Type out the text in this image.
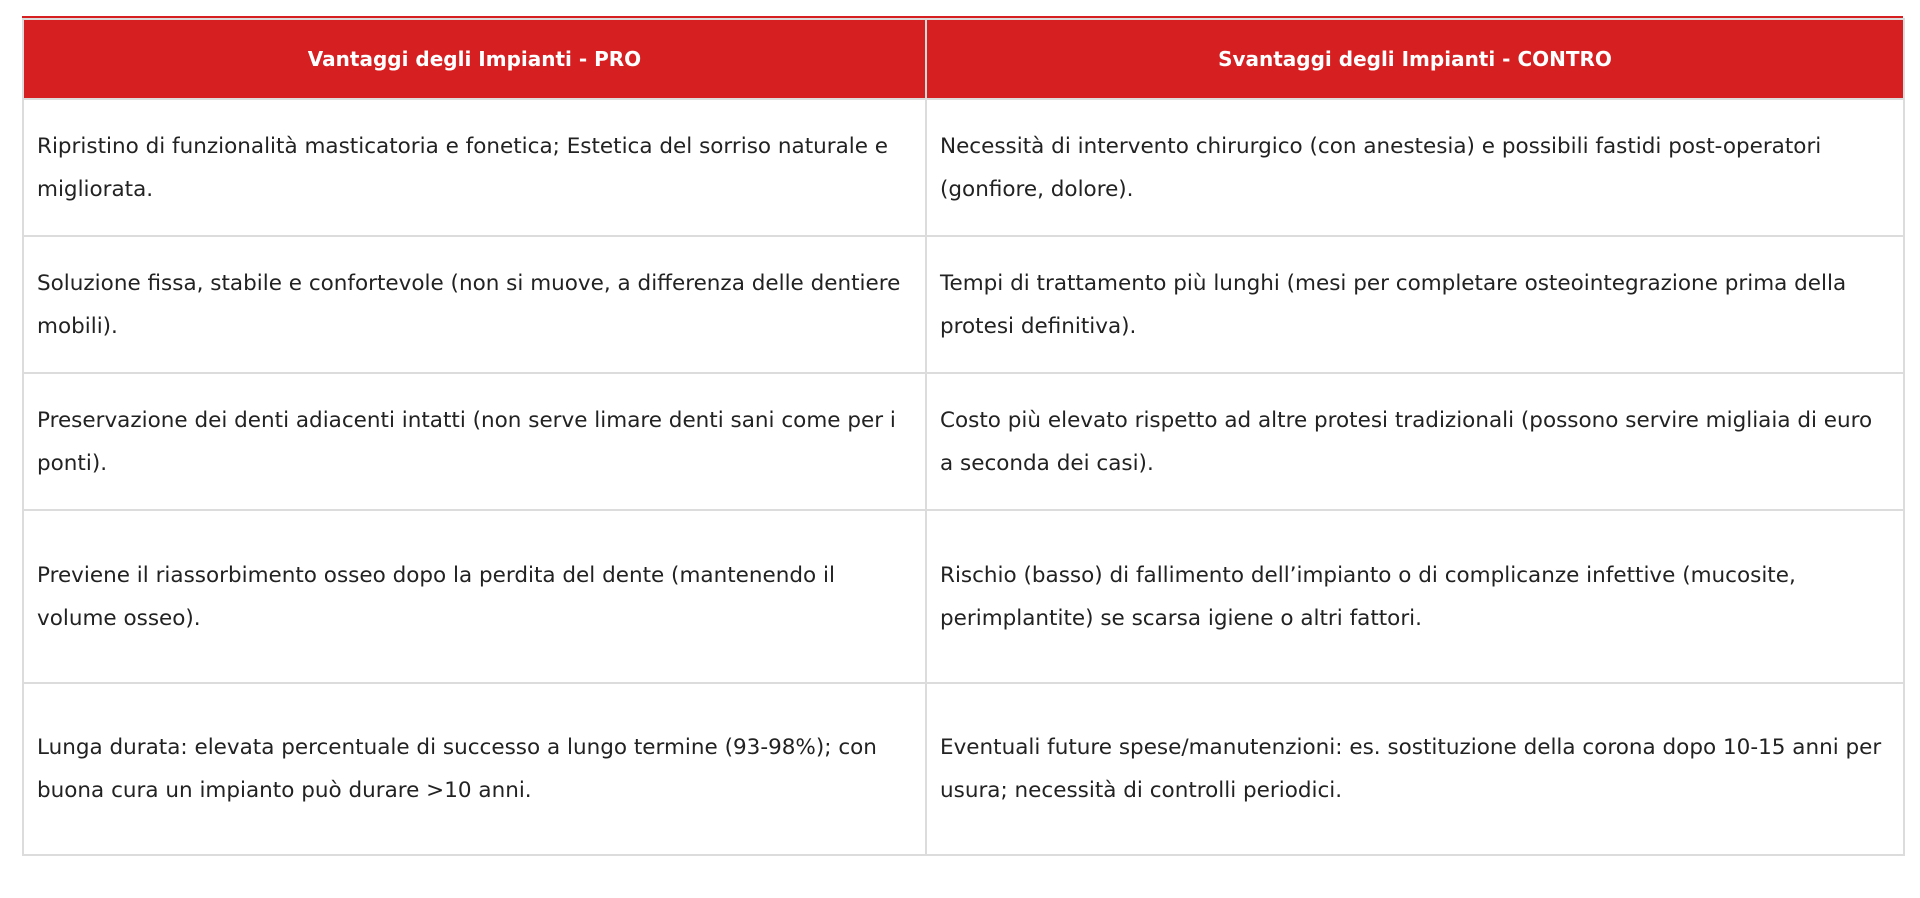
Vantaggi degli Impianti - PRO	Svantaggi degli Impianti - CONTRO
Ripristino di funzionalità masticatoria e fonetica; Estetica del sorriso naturale e migliorata.	Necessità di intervento chirurgico (con anestesia) e possibili fastidi post-operatori (gonfiore, dolore).
Soluzione fissa, stabile e confortevole (non si muove, a differenza delle dentiere mobili).	Tempi di trattamento più lunghi (mesi per completare osteointegrazione prima della protesi definitiva).
Preservazione dei denti adiacenti intatti (non serve limare denti sani come per i ponti).	Costo più elevato rispetto ad altre protesi tradizionali (possono servire migliaia di euro a seconda dei casi).
Previene il riassorbimento osseo dopo la perdita del dente (mantenendo il volume osseo).	Rischio (basso) di fallimento dell’impianto o di complicanze infettive (mucosite, perimplantite) se scarsa igiene o altri fattori.
Lunga durata: elevata percentuale di successo a lungo termine (93-98%); con buona cura un impianto può durare >10 anni.	Eventuali future spese/manutenzioni: es. sostituzione della corona dopo 10-15 anni per usura; necessità di controlli periodici.
